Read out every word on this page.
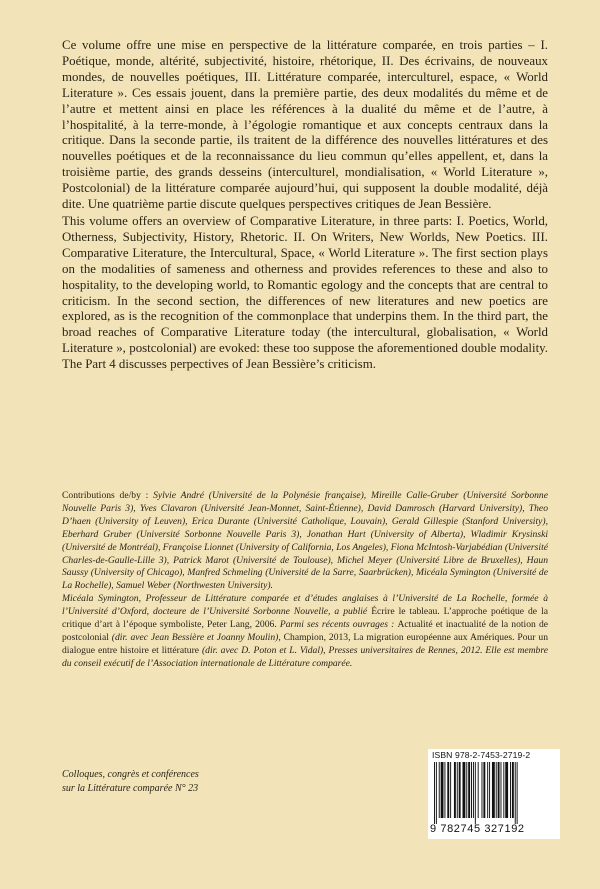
Ce volume offre une mise en perspective de la littérature comparée, en trois parties – I. Poétique, monde, altérité, subjectivité, histoire, rhétorique, II. Des écrivains, de nouveaux mondes, de nouvelles poétiques, III. Littérature comparée, interculturel, espace, « World Literature ». Ces essais jouent, dans la première partie, des deux modalités du même et de l’autre et mettent ainsi en place les références à la dualité du même et de l’autre, à l’hospitalité, à la terre-monde, à l’égologie romantique et aux concepts centraux dans la critique. Dans la seconde partie, ils traitent de la différence des nouvelles littératures et des nouvelles poétiques et de la reconnaissance du lieu commun qu’elles appellent, et, dans la troisième partie, des grands desseins (interculturel, mondialisation, « World Literature », Postcolonial) de la littérature comparée aujourd’hui, qui supposent la double modalité, déjà dite. Une quatrième partie discute quelques perspectives critiques de Jean Bessière.

This volume offers an overview of Comparative Literature, in three parts: I. Poetics, World, Otherness, Subjectivity, History, Rhetoric. II. On Writers, New Worlds, New Poetics. III. Comparative Literature, the Intercultural, Space, « World Literature ». The first section plays on the modalities of sameness and otherness and provides references to these and also to hospitality, to the developing world, to Romantic egology and the concepts that are central to criticism. In the second section, the differences of new literatures and new poetics are explored, as is the recognition of the commonplace that underpins them. In the third part, the broad reaches of Comparative Literature today (the intercultural, globalisation, « World Literature », postcolonial) are evoked: these too suppose the aforementioned double modality. The Part 4 discusses perpectives of Jean Bessière’s criticism.

Contributions de/by : Sylvie André (Université de la Polynésie française), Mireille Calle-Gruber (Université Sorbonne Nouvelle Paris 3), Yves Clavaron (Université Jean-Monnet, Saint-Étienne), David Damrosch (Harvard University), Theo D’haen (University of Leuven), Erica Durante (Université Catholique, Louvain), Gerald Gillespie (Stanford University), Eberhard Gruber (Université Sorbonne Nouvelle Paris 3), Jonathan Hart (University of Alberta), Wladimir Krysinski (Université de Montréal), Françoise Lionnet (University of California, Los Angeles), Fiona McIntosh-Varjabédian (Université Charles-de-Gaulle-Lille 3), Patrick Marot (Université de Toulouse), Michel Meyer (Université Libre de Bruxelles), Haun Saussy (University of Chicago), Manfred Schmeling (Université de la Sarre, Saarbrücken), Micéala Symington (Université de La Rochelle), Samuel Weber (Northwesten University).

Micéala Symington, Professeur de Littérature comparée et d’études anglaises à l’Université de La Rochelle, formée à l’Université d’Oxford, docteure de l’Université Sorbonne Nouvelle, a publié Écrire le tableau. L’approche poétique de la critique d’art à l’époque symboliste, Peter Lang, 2006. Parmi ses récents ouvrages : Actualité et inactualité de la notion de postcolonial (dir. avec Jean Bessière et Joanny Moulin), Champion, 2013, La migration européenne aux Amériques. Pour un dialogue entre histoire et littérature (dir. avec D. Poton et L. Vidal), Presses universitaires de Rennes, 2012. Elle est membre du conseil exécutif de l’Association internationale de Littérature comparée.

Colloques, congrès et conférences
sur la Littérature comparée N° 23
ISBN 978-2-7453-2719-2
9 782745 327192
